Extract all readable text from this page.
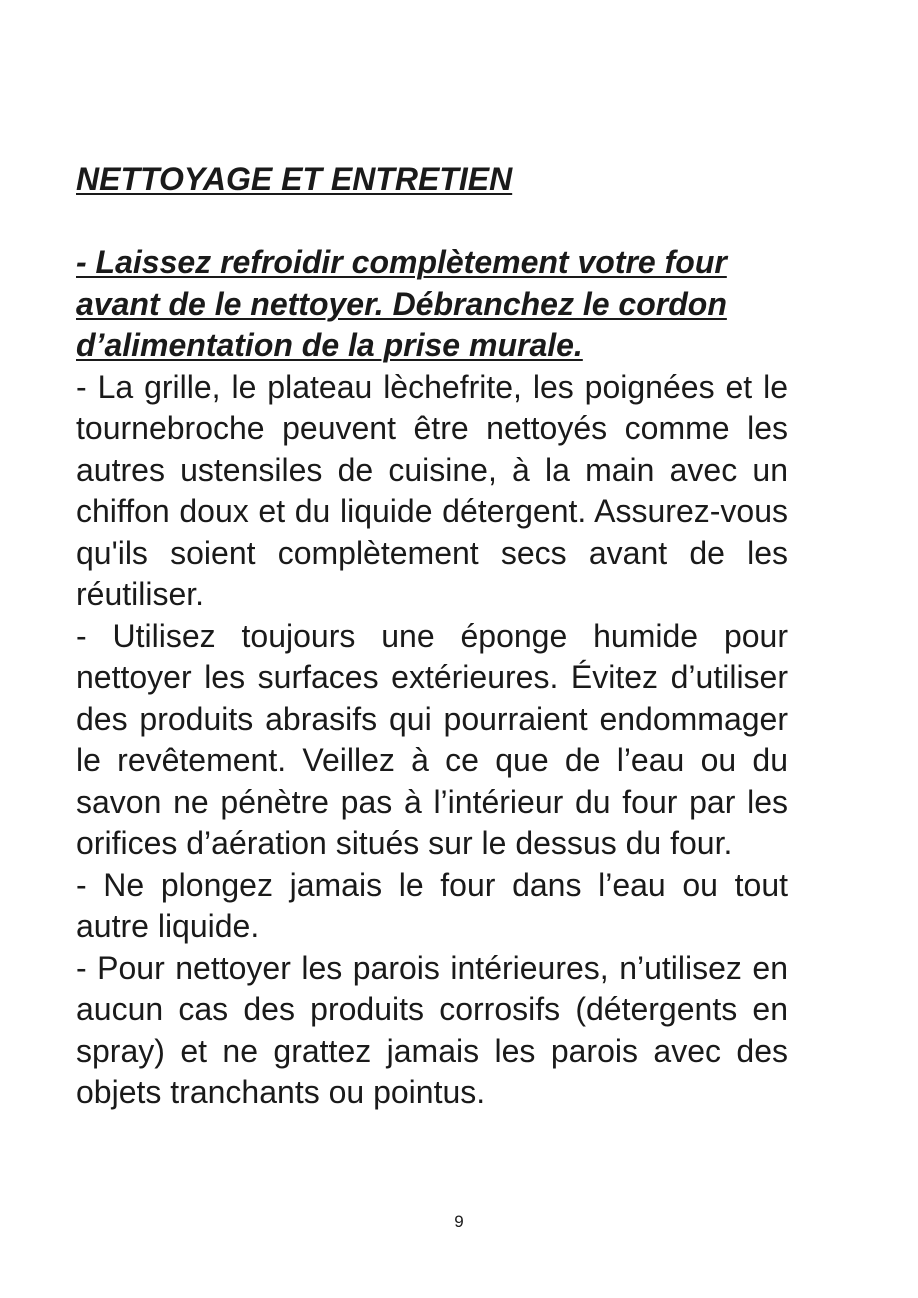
NETTOYAGE ET ENTRETIEN

- Laissez refroidir complètement votre four avant de le nettoyer. Débranchez le cordon d’alimentation de la prise murale.

- La grille, le plateau lèchefrite, les poignées et le tournebroche peuvent être nettoyés comme les autres ustensiles de cuisine, à la main avec un chiffon doux et du liquide détergent. Assurez-vous qu'ils soient complètement secs avant de les réutiliser.

- Utilisez toujours une éponge humide pour nettoyer les surfaces extérieures. Évitez d’utiliser des produits abrasifs qui pourraient endommager le revêtement. Veillez à ce que de l’eau ou du savon ne pénètre pas à l’intérieur du four par les orifices d’aération situés sur le dessus du four.

- Ne plongez jamais le four dans l’eau ou tout autre liquide.

- Pour nettoyer les parois intérieures, n’utilisez en aucun cas des produits corrosifs (détergents en spray) et ne grattez jamais les parois avec des objets tranchants ou pointus.

9
